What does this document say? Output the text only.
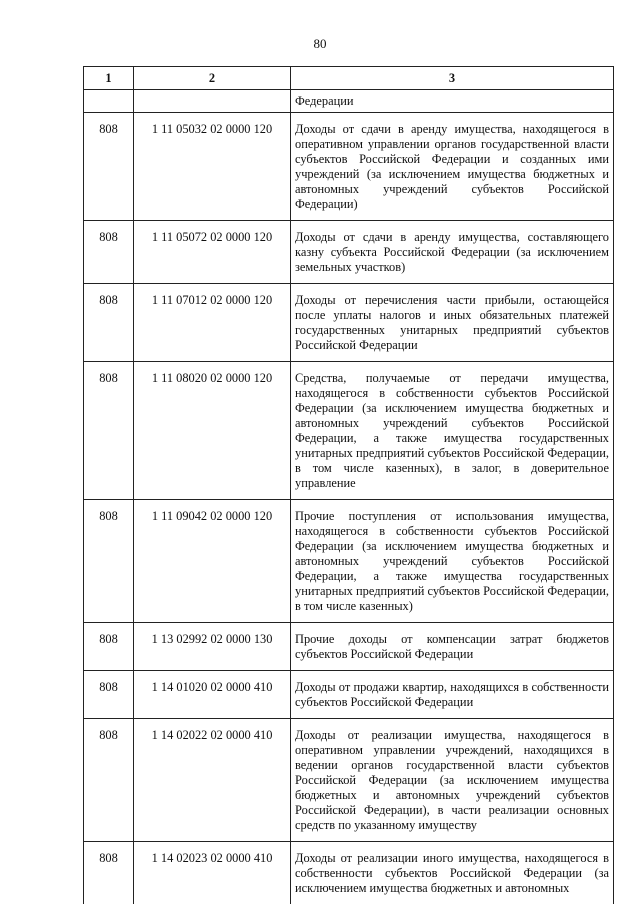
80
1	2	3
		Федерации
808	1 11 05032 02 0000 120	Доходы от сдачи в аренду имущества, находящегося в оперативном управлении органов государственной власти субъектов Российской Федерации и созданных ими учреждений (за исключением имущества бюджетных и автономных учреждений субъектов Российской Федерации)
808	1 11 05072 02 0000 120	Доходы от сдачи в аренду имущества, составляющего казну субъекта Российской Федерации (за исключением земельных участков)
808	1 11 07012 02 0000 120	Доходы от перечисления части прибыли, остающейся после уплаты налогов и иных обязательных платежей государственных унитарных предприятий субъектов Российской Федерации
808	1 11 08020 02 0000 120	Средства, получаемые от передачи имущества, находящегося в собственности субъектов Российской Федерации (за исключением имущества бюджетных и автономных учреждений субъектов Российской Федерации, а также имущества государственных унитарных предприятий субъектов Российской Федерации, в том числе казенных), в залог, в доверительное управление
808	1 11 09042 02 0000 120	Прочие поступления от использования имущества, находящегося в собственности субъектов Российской Федерации (за исключением имущества бюджетных и автономных учреждений субъектов Российской Федерации, а также имущества государственных унитарных предприятий субъектов Российской Федерации, в том числе казенных)
808	1 13 02992 02 0000 130	Прочие доходы от компенсации затрат бюджетов субъектов Российской Федерации
808	1 14 01020 02 0000 410	Доходы от продажи квартир, находящихся в собственности субъектов Российской Федерации
808	1 14 02022 02 0000 410	Доходы от реализации имущества, находящегося в оперативном управлении учреждений, находящихся в ведении органов государственной власти субъектов Российской Федерации (за исключением имущества бюджетных и автономных учреждений субъектов Российской Федерации), в части реализации основных средств по указанному имуществу
808	1 14 02023 02 0000 410	Доходы от реализации иного имущества, находящегося в собственности субъектов Российской Федерации (за исключением имущества бюджетных и автономных
